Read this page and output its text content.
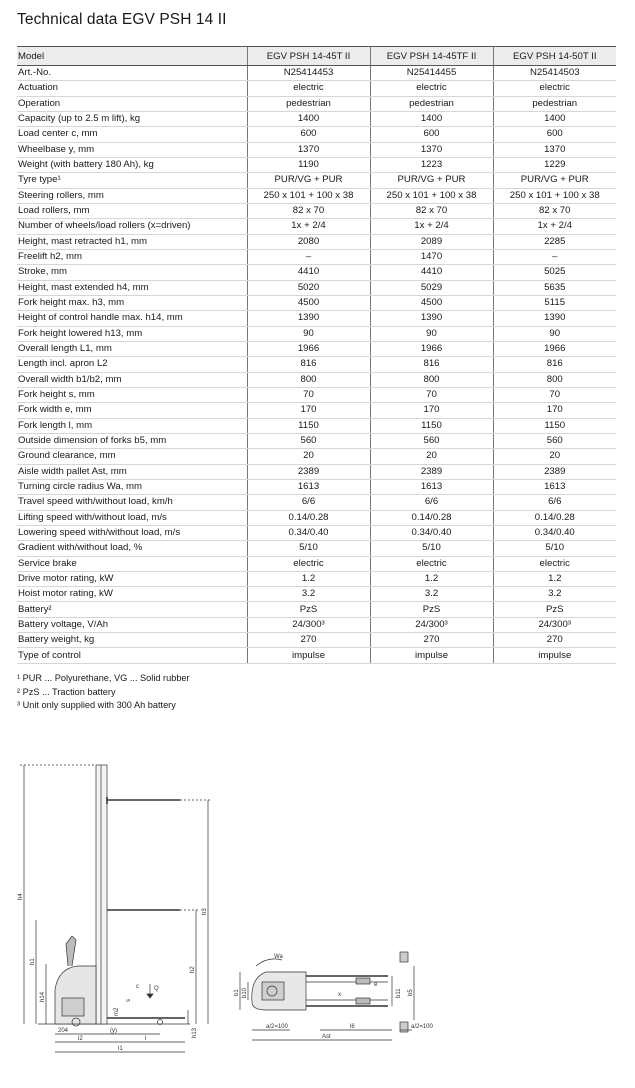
Technical data EGV PSH 14 II
Model	EGV PSH 14-45T II	EGV PSH 14-45TF II	EGV PSH 14-50T II
Art.-No.	N25414453	N25414455	N25414503
Actuation	electric	electric	electric
Operation	pedestrian	pedestrian	pedestrian
Capacity (up to 2.5 m lift), kg	1400	1400	1400
Load center c, mm	600	600	600
Wheelbase y, mm	1370	1370	1370
Weight (with battery 180 Ah), kg	1190	1223	1229
Tyre type¹	PUR/VG + PUR	PUR/VG + PUR	PUR/VG + PUR
Steering rollers, mm	250 x 101 + 100 x 38	250 x 101 + 100 x 38	250 x 101 + 100 x 38
Load rollers, mm	82 x 70	82 x 70	82 x 70
Number of wheels/load rollers (x=driven)	1x + 2/4	1x + 2/4	1x + 2/4
Height, mast retracted h1, mm	2080	2089	2285
Freelift h2, mm	–	1470	–
Stroke, mm	4410	4410	5025
Height, mast extended h4, mm	5020	5029	5635
Fork height max. h3, mm	4500	4500	5115
Height of control handle max. h14, mm	1390	1390	1390
Fork height lowered h13, mm	90	90	90
Overall length L1, mm	1966	1966	1966
Length incl. apron L2	816	816	816
Overall width b1/b2, mm	800	800	800
Fork height s, mm	70	70	70
Fork width e, mm	170	170	170
Fork length l, mm	1150	1150	1150
Outside dimension of forks b5, mm	560	560	560
Ground clearance, mm	20	20	20
Aisle width pallet Ast, mm	2389	2389	2389
Turning circle radius Wa, mm	1613	1613	1613
Travel speed with/without load, km/h	6/6	6/6	6/6
Lifting speed with/without load, m/s	0.14/0.28	0.14/0.28	0.14/0.28
Lowering speed with/without load, m/s	0.34/0.40	0.34/0.40	0.34/0.40
Gradient with/without load, %	5/10	5/10	5/10
Service brake	electric	electric	electric
Drive motor rating, kW	1.2	1.2	1.2
Hoist motor rating, kW	3.2	3.2	3.2
Battery²	PzS	PzS	PzS
Battery voltage, V/Ah	24/300³	24/300³	24/300³
Battery weight, kg	270	270	270
Type of control	impulse	impulse	impulse
¹ PUR ... Polyurethane, VG ... Solid rubber
² PzS ... Traction battery
³ Unit only supplied with 300 Ah battery
h4
h1
h14
h3
h2
h13
m2
s
c	Q
204	(y)
l2	l
l1
Wa
b1 b10	b11 b5
e
x
a/2=100	l6	a/2=100
Ast
